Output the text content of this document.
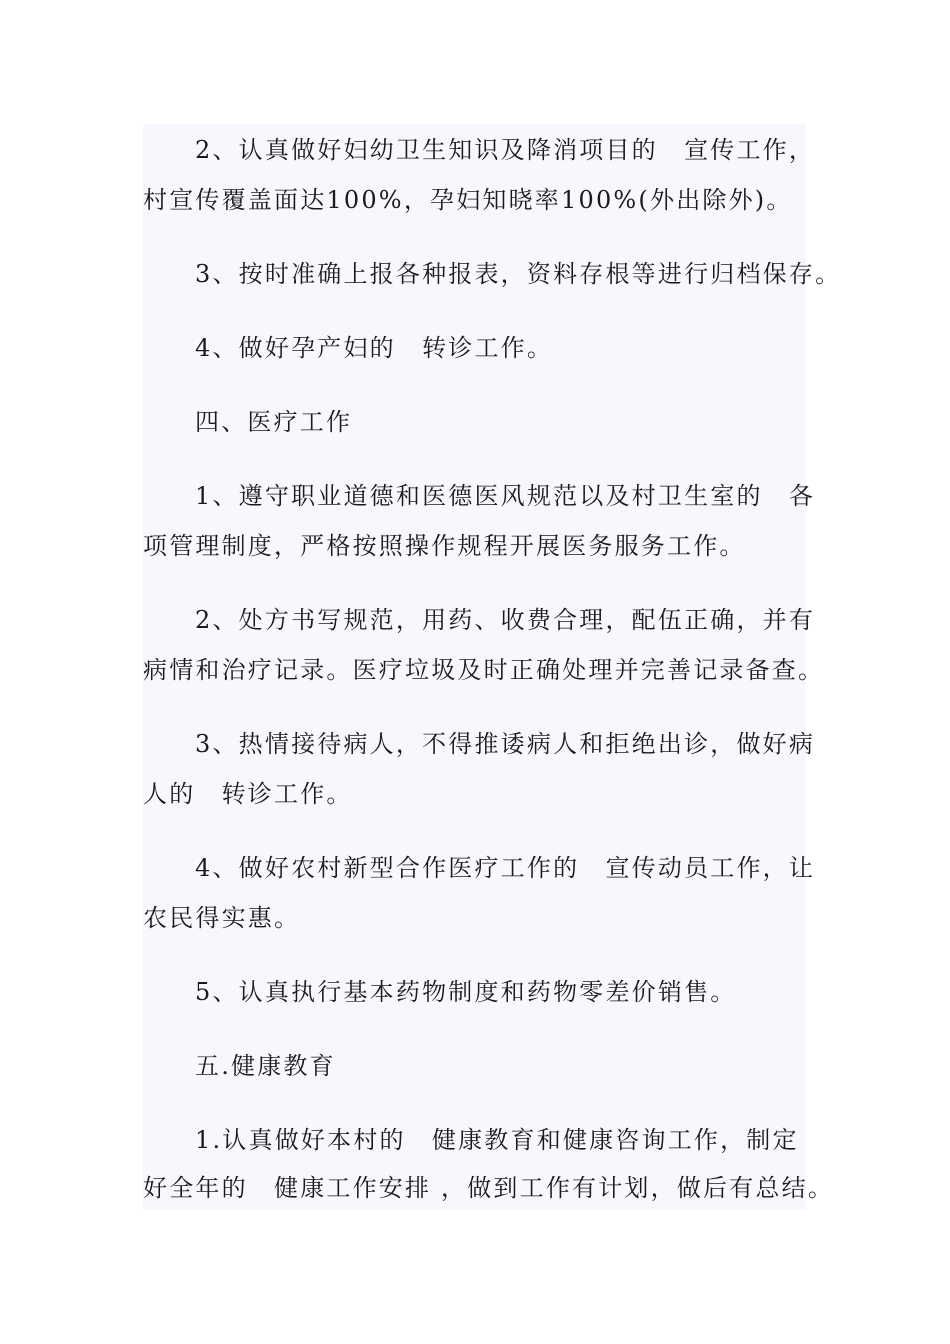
2、认真做好妇幼卫生知识及降消项目的　宣传工作，
村宣传覆盖面达100%，孕妇知晓率100%(外出除外)。
3、按时准确上报各种报表，资料存根等进行归档保存。
4、做好孕产妇的　转诊工作。
四、医疗工作
1、遵守职业道德和医德医风规范以及村卫生室的　各
项管理制度，严格按照操作规程开展医务服务工作。
2、处方书写规范，用药、收费合理，配伍正确，并有
病情和治疗记录。医疗垃圾及时正确处理并完善记录备查。
3、热情接待病人，不得推诿病人和拒绝出诊，做好病
人的　转诊工作。
4、做好农村新型合作医疗工作的　宣传动员工作，让
农民得实惠。
5、认真执行基本药物制度和药物零差价销售。
五.健康教育
1.认真做好本村的　健康教育和健康咨询工作，制定
好全年的　健康工作安排 ，做到工作有计划，做后有总结。
